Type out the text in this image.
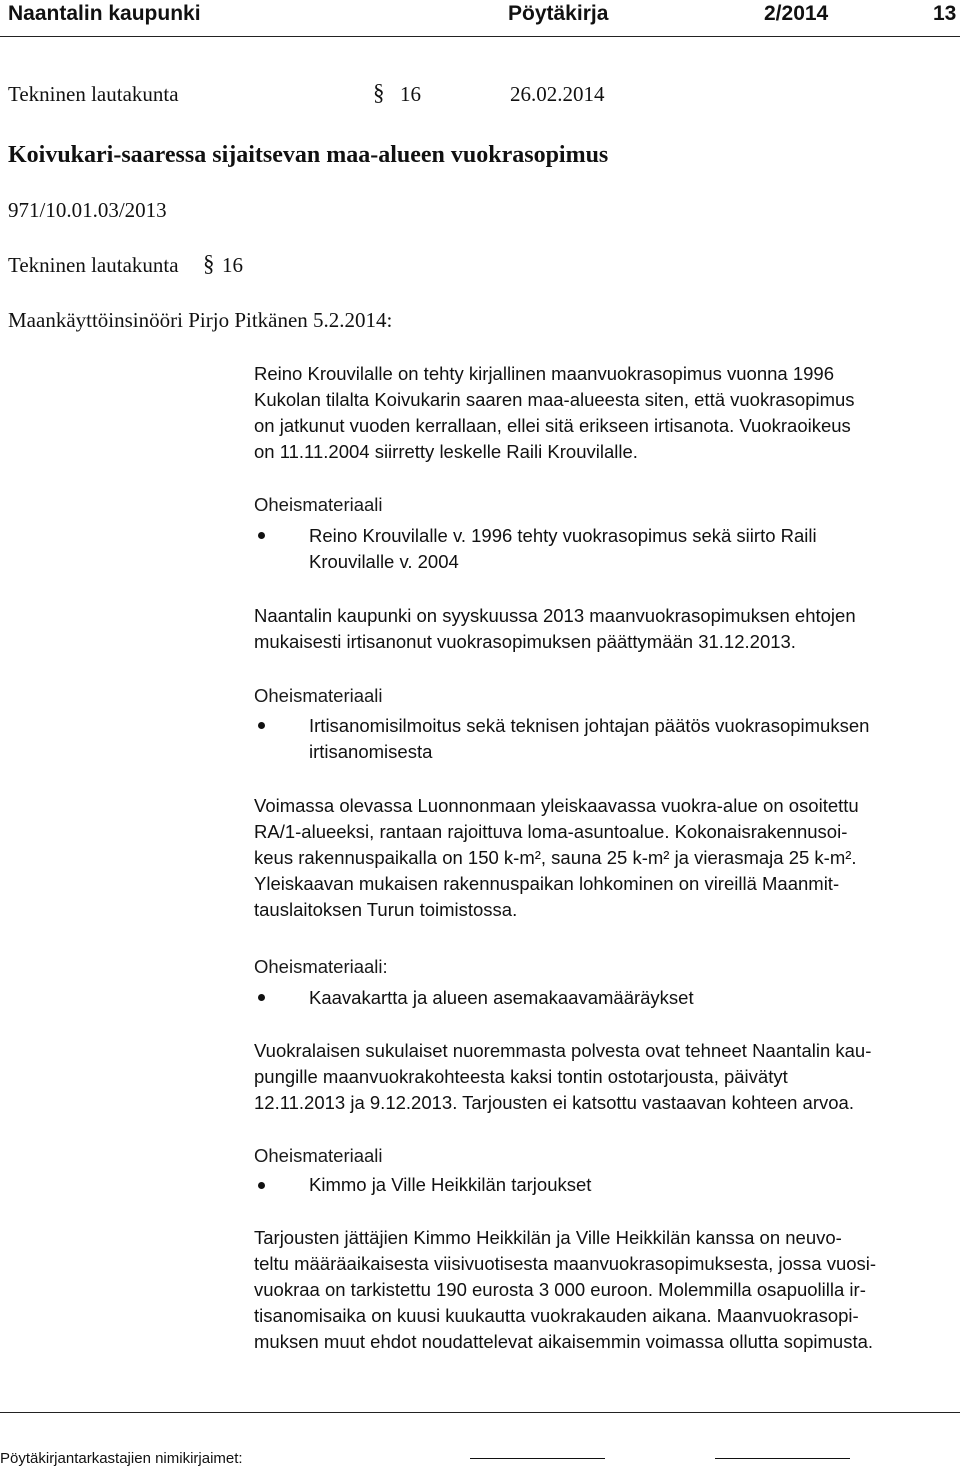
Naantalin kaupunki	Pöytäkirja	2/2014	13
Tekninen lautakunta	§ 16	26.02.2014
Koivukari-saaressa sijaitsevan maa-alueen vuokrasopimus
971/10.01.03/2013
Tekninen lautakunta § 16
Maankäyttöinsinööri Pirjo Pitkänen 5.2.2014:
Reino Krouvilalle on tehty kirjallinen maanvuokrasopimus vuonna 1996
Kukolan tilalta Koivukarin saaren maa-alueesta siten, että vuokrasopimus
on jatkunut vuoden kerrallaan, ellei sitä erikseen irtisanota. Vuokraoikeus
on 11.11.2004 siirretty leskelle Raili Krouvilalle.
Oheismateriaali
Reino Krouvilalle v. 1996 tehty vuokrasopimus sekä siirto Raili
Krouvilalle v. 2004
Naantalin kaupunki on syyskuussa 2013 maanvuokrasopimuksen ehtojen
mukaisesti irtisanonut vuokrasopimuksen päättymään 31.12.2013.
Oheismateriaali
Irtisanomisilmoitus sekä teknisen johtajan päätös vuokrasopimuksen
irtisanomisesta
Voimassa olevassa Luonnonmaan yleiskaavassa vuokra-alue on osoitettu
RA/1-alueeksi, rantaan rajoittuva loma-asuntoalue. Kokonaisrakennusoi-
keus rakennuspaikalla on 150 k-m², sauna 25 k-m² ja vierasmaja 25 k-m².
Yleiskaavan mukaisen rakennuspaikan lohkominen on vireillä Maanmit-
tauslaitoksen Turun toimistossa.
Oheismateriaali:
Kaavakartta ja alueen asemakaavamääräykset
Vuokralaisen sukulaiset nuoremmasta polvesta ovat tehneet Naantalin kau-
pungille maanvuokrakohteesta kaksi tontin ostotarjousta, päivätyt
12.11.2013 ja 9.12.2013. Tarjousten ei katsottu vastaavan kohteen arvoa.
Oheismateriaali
Kimmo ja Ville Heikkilän tarjoukset
Tarjousten jättäjien Kimmo Heikkilän ja Ville Heikkilän kanssa on neuvo-
teltu määräaikaisesta viisivuotisesta maanvuokrasopimuksesta, jossa vuosi-
vuokraa on tarkistettu 190 eurosta 3 000 euroon. Molemmilla osapuolilla ir-
tisanomisaika on kuusi kuukautta vuokrakauden aikana. Maanvuokrasopi-
muksen muut ehdot noudattelevat aikaisemmin voimassa ollutta sopimusta.
Pöytäkirjantarkastajien nimikirjaimet:
